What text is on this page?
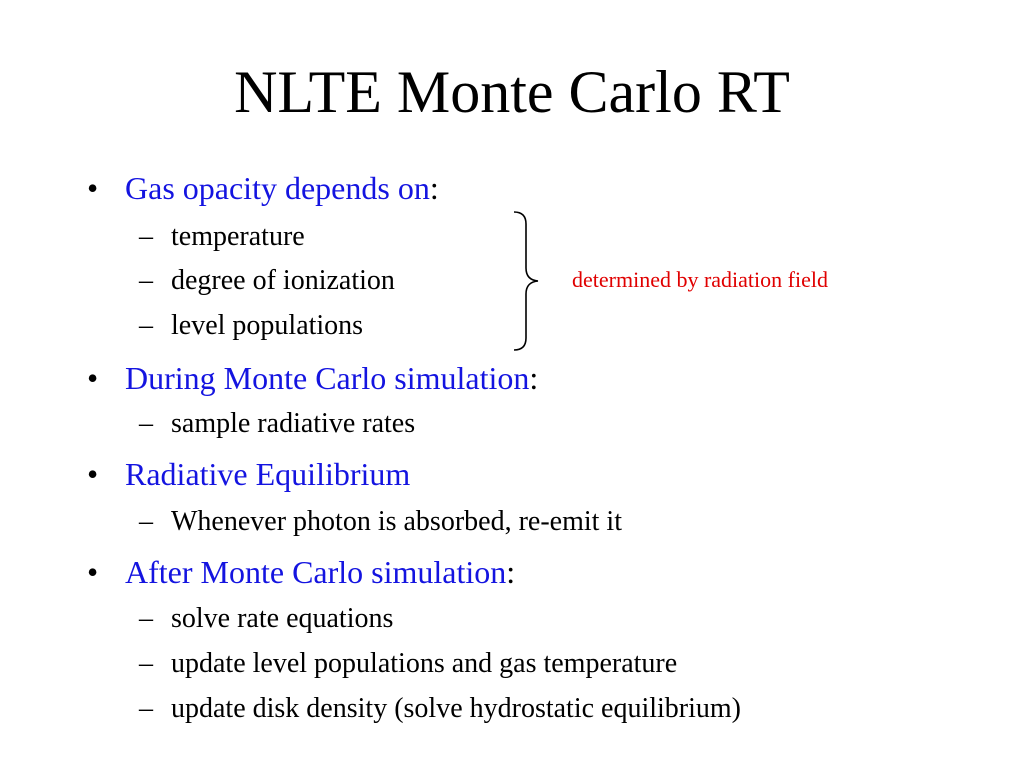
NLTE Monte Carlo RT
• Gas opacity depends on:
– temperature
– degree of ionization
– level populations
determined by radiation field
• During Monte Carlo simulation:
– sample radiative rates
• Radiative Equilibrium
– Whenever photon is absorbed, re-emit it
• After Monte Carlo simulation:
– solve rate equations
– update level populations and gas temperature
– update disk density (solve hydrostatic equilibrium)
